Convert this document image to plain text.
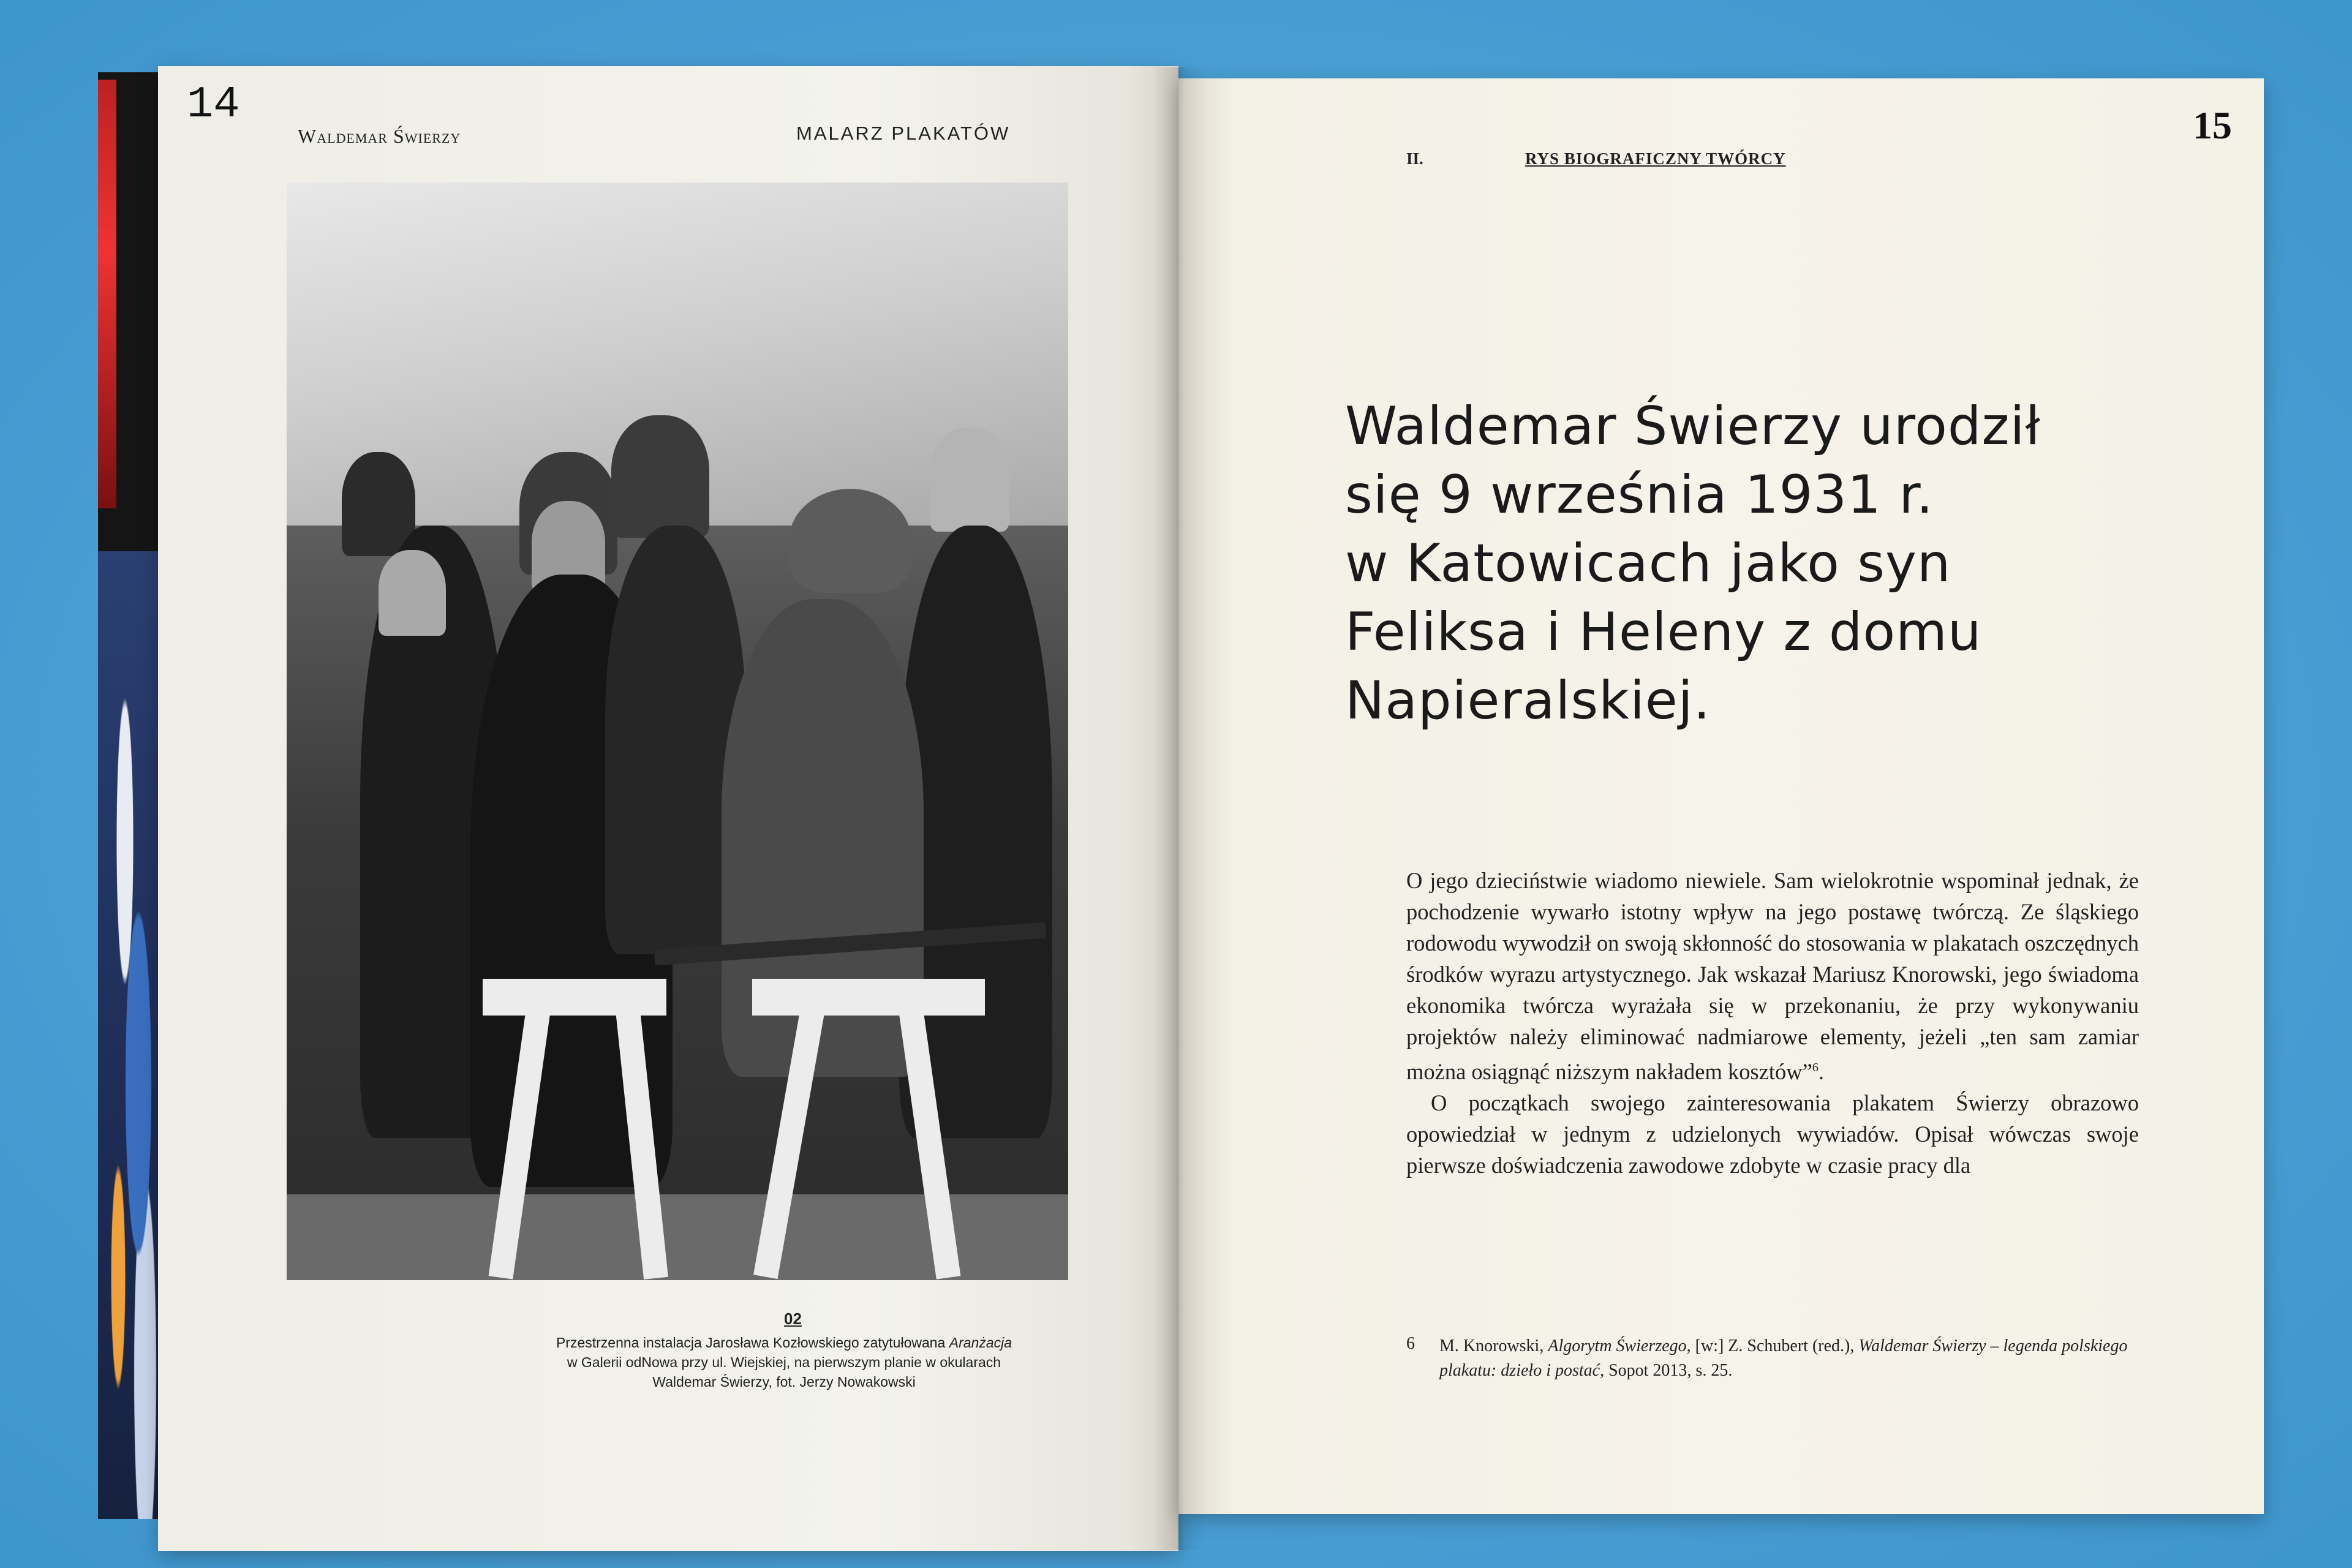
14
Waldemar Świerzy	MALARZ PLAKATÓW
02
Przestrzenna instalacja Jarosława Kozłowskiego zatytułowana Aranżacja
w Galerii odNowa przy ul. Wiejskiej, na pierwszym planie w okularach
Waldemar Świerzy, fot. Jerzy Nowakowski
15
II.	RYS BIOGRAFICZNY TWÓRCY
Waldemar Świerzy urodził
się 9 września 1931 r.
w Katowicach jako syn
Feliksa i Heleny z domu
Napieralskiej.

O jego dzieciństwie wiadomo niewiele. Sam wielokrotnie wspominał jednak, że pochodzenie wywarło istotny wpływ na jego postawę twórczą. Ze śląskiego rodowodu wywodził on swoją skłonność do stosowania w plakatach oszczędnych środków wyrazu artystycznego. Jak wskazał Mariusz Knorowski, jego świadoma ekonomika twórcza wyrażała się w przekonaniu, że przy wykonywaniu projektów należy eliminować nadmiarowe elementy, jeżeli „ten sam zamiar można osiągnąć niższym nakładem kosztów”$^6$.

O początkach swojego zainteresowania plakatem Świerzy obrazowo opowiedział w jednym z udzielonych wywiadów. Opisał wówczas swoje pierwsze doświadczenia zawodowe zdobyte w czasie pracy dla

6 M. Knorowski, Algorytm Świerzego, [w:] Z. Schubert (red.), Waldemar Świerzy – legenda polskiego plakatu: dzieło i postać, Sopot 2013, s. 25.
